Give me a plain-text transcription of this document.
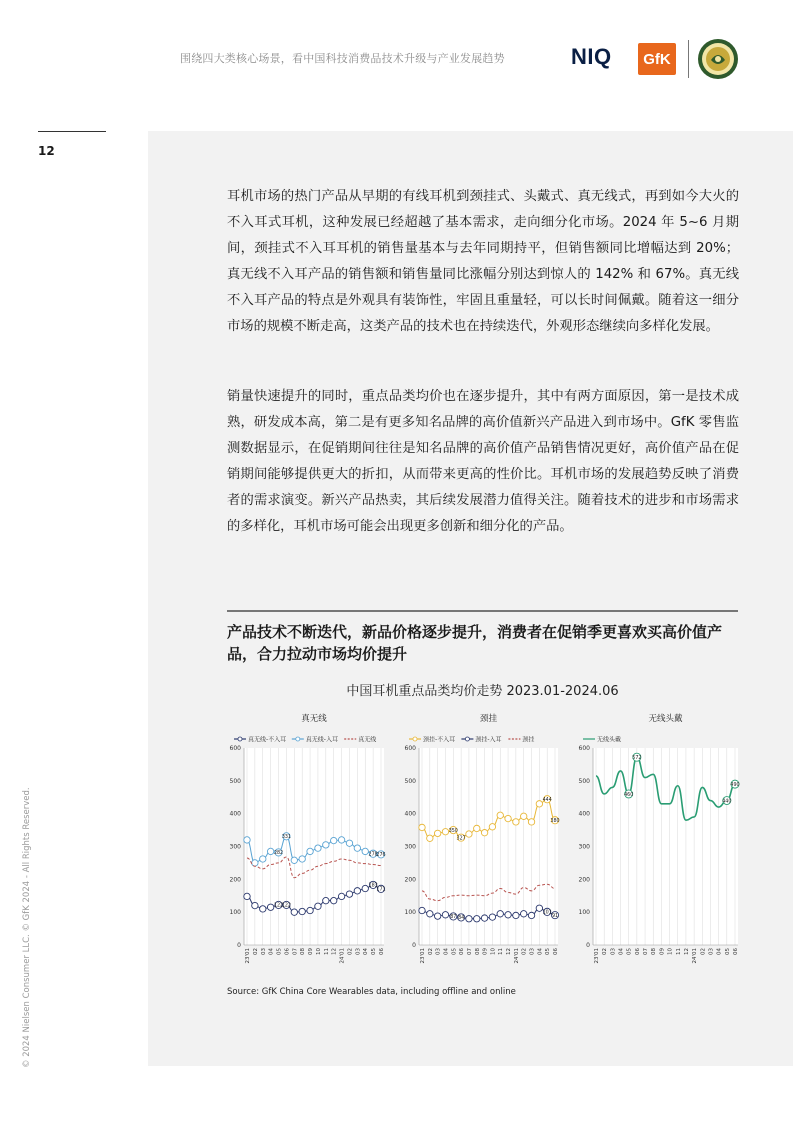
围绕四大类核心场景，看中国科技消费品技术升级与产业发展趋势	NIQ	GfK
12
© 2024 Nielsen Consumer LLC. © GfK 2024 - All Rights Reserved.

耳机市场的热门产品从早期的有线耳机到颈挂式、头戴式、真无线式，再到如今大火的不入耳式耳机，这种发展已经超越了基本需求，走向细分化市场。2024 年 5~6 月期间，颈挂式不入耳耳机的销售量基本与去年同期持平，但销售额同比增幅达到 20%；真无线不入耳产品的销售额和销售量同比涨幅分别达到惊人的 142% 和 67%。真无线不入耳产品的特点是外观具有装饰性，牢固且重量轻，可以长时间佩戴。随着这一细分市场的规模不断走高，这类产品的技术也在持续迭代，外观形态继续向多样化发展。

销量快速提升的同时，重点品类均价也在逐步提升，其中有两方面原因，第一是技术成熟，研发成本高，第二是有更多知名品牌的高价值新兴产品进入到市场中。GfK 零售监测数据显示，在促销期间往往是知名品牌的高价值产品销售情况更好，高价值产品在促销期间能够提供更大的折扣，从而带来更高的性价比。耳机市场的发展趋势反映了消费者的需求演变。新兴产品热卖，其后续发展潜力值得关注。随着技术的进步和市场需求的多样化，耳机市场可能会出现更多创新和细分化的产品。

产品技术不断迭代，新品价格逐步提升，消费者在促销季更喜欢买高价值产品，合力拉动市场均价提升
中国耳机重点品类均价走势 2023.01-2024.06
真无线
真无线-不入耳	真无线-入耳	真无线
0
100
200
300
400
500
600
23'01 02 03 04 05 06 07 08 09 10 11 12 24'01 02 03 04 05 06
122
122
183
171
282
331
278
276
颈挂
颈挂-不入耳	颈挂-入耳	颈挂
0
100
200
300
400
500
600
23'01 02 03 04 05 06 07 08 09 10 11 12 24'01 02 03 04 05 06
350
327
444
380
87 84
101
91
无线头戴
无线头戴
0
100
200
300
400
500
600
23'01 02 03 04 05 06 07 08 09 10 11 12 24'01 02 03 04 05 06
460
572
440
490
Source: GfK China Core Wearables data, including offline and online
